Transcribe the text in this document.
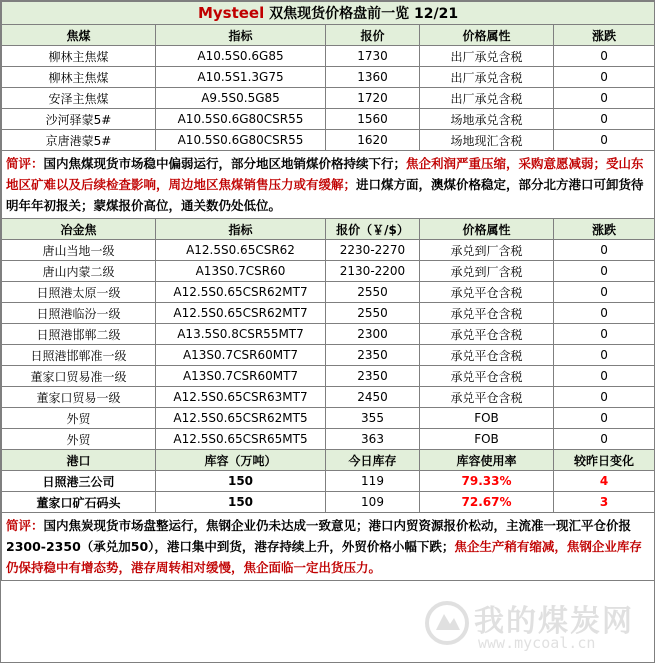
Mysteel 双焦现货价格盘前一览 12/21				
焦煤	指标	报价	价格属性	涨跌
柳林主焦煤	A10.5S0.6G85	1730	出厂承兑含税	0
柳林主焦煤	A10.5S1.3G75	1360	出厂承兑含税	0
安泽主焦煤	A9.5S0.5G85	1720	出厂承兑含税	0
沙河驿蒙5#	A10.5S0.6G80CSR55	1560	场地承兑含税	0
京唐港蒙5#	A10.5S0.6G80CSR55	1620	场地现汇含税	0
简评：国内焦煤现货市场稳中偏弱运行，部分地区地销煤价格持续下行；焦企利润严重压缩，采购意愿减弱；受山东地区矿难以及后续检查影响，周边地区焦煤销售压力或有缓解；进口煤方面，澳煤价格稳定，部分北方港口可卸货待明年年初报关；蒙煤报价高位，通关数仍处低位。				
冶金焦	指标	报价（￥/$）	价格属性	涨跌
唐山当地一级	A12.5S0.65CSR62	2230-2270	承兑到厂含税	0
唐山内蒙二级	A13S0.7CSR60	2130-2200	承兑到厂含税	0
日照港太原一级	A12.5S0.65CSR62MT7	2550	承兑平仓含税	0
日照港临汾一级	A12.5S0.65CSR62MT7	2550	承兑平仓含税	0
日照港邯郸二级	A13.5S0.8CSR55MT7	2300	承兑平仓含税	0
日照港邯郸准一级	A13S0.7CSR60MT7	2350	承兑平仓含税	0
董家口贸易准一级	A13S0.7CSR60MT7	2350	承兑平仓含税	0
董家口贸易一级	A12.5S0.65CSR63MT7	2450	承兑平仓含税	0
外贸	A12.5S0.65CSR62MT5	355	FOB	0
外贸	A12.5S0.65CSR65MT5	363	FOB	0
港口	库容（万吨）	今日库存	库容使用率	较昨日变化
日照港三公司	150	119	79.33%	4
董家口矿石码头	150	109	72.67%	3
简评：国内焦炭现货市场盘整运行，焦钢企业仍未达成一致意见；港口内贸资源报价松动，主流准一现汇平仓价报2300-2350（承兑加50），港口集中到货，港存持续上升，外贸价格小幅下跌；焦企生产稍有缩减，焦钢企业库存仍保持稳中有增态势，港存周转相对缓慢，焦企面临一定出货压力。				
我的煤炭网
www.mycoal.cn
